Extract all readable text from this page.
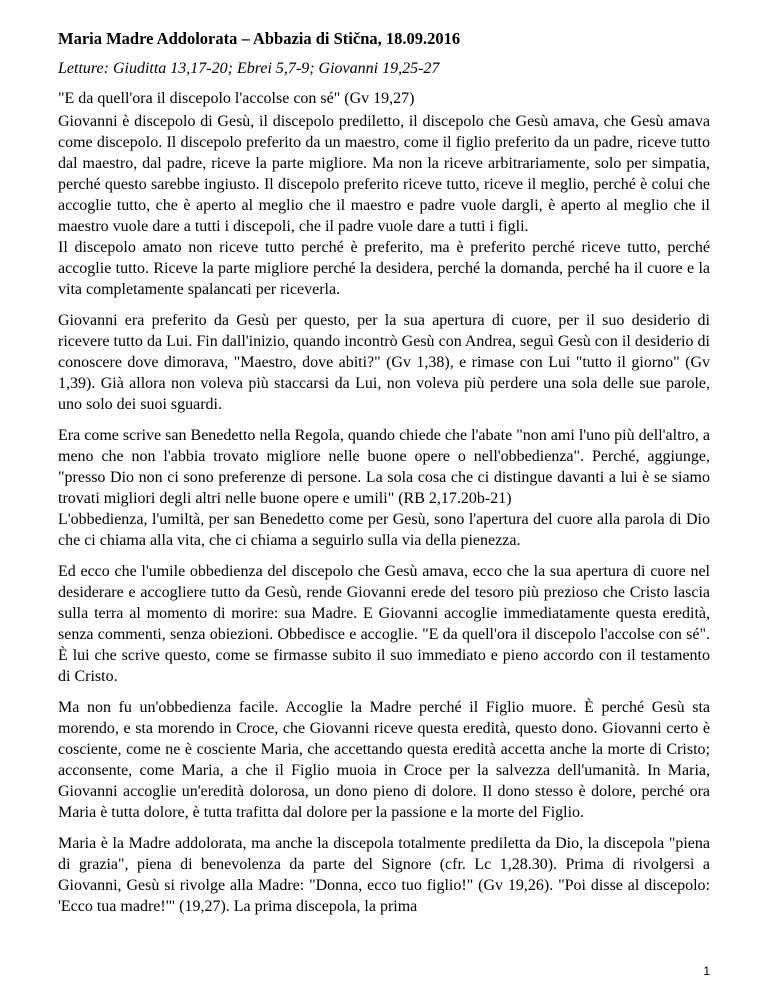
Maria Madre Addolorata – Abbazia di Stična, 18.09.2016
Letture: Giuditta 13,17-20; Ebrei 5,7-9; Giovanni 19,25-27
"E da quell'ora il discepolo l'accolse con sé" (Gv 19,27)
Giovanni è discepolo di Gesù, il discepolo prediletto, il discepolo che Gesù amava, che Gesù amava come discepolo. Il discepolo preferito da un maestro, come il figlio preferito da un padre, riceve tutto dal maestro, dal padre, riceve la parte migliore. Ma non la riceve arbitrariamente, solo per simpatia, perché questo sarebbe ingiusto. Il discepolo preferito riceve tutto, riceve il meglio, perché è colui che accoglie tutto, che è aperto al meglio che il maestro e padre vuole dargli, è aperto al meglio che il maestro vuole dare a tutti i discepoli, che il padre vuole dare a tutti i figli.
Il discepolo amato non riceve tutto perché è preferito, ma è preferito perché riceve tutto, perché accoglie tutto. Riceve la parte migliore perché la desidera, perché la domanda, perché ha il cuore e la vita completamente spalancati per riceverla.
Giovanni era preferito da Gesù per questo, per la sua apertura di cuore, per il suo desiderio di ricevere tutto da Lui. Fin dall'inizio, quando incontrò Gesù con Andrea, seguì Gesù con il desiderio di conoscere dove dimorava, "Maestro, dove abiti?" (Gv 1,38), e rimase con Lui "tutto il giorno" (Gv 1,39). Già allora non voleva più staccarsi da Lui, non voleva più perdere una sola delle sue parole, uno solo dei suoi sguardi.
Era come scrive san Benedetto nella Regola, quando chiede che l'abate "non ami l'uno più dell'altro, a meno che non l'abbia trovato migliore nelle buone opere o nell'obbedienza". Perché, aggiunge, "presso Dio non ci sono preferenze di persone. La sola cosa che ci distingue davanti a lui è se siamo trovati migliori degli altri nelle buone opere e umili" (RB 2,17.20b-21)
L'obbedienza, l'umiltà, per san Benedetto come per Gesù, sono l'apertura del cuore alla parola di Dio che ci chiama alla vita, che ci chiama a seguirlo sulla via della pienezza.
Ed ecco che l'umile obbedienza del discepolo che Gesù amava, ecco che la sua apertura di cuore nel desiderare e accogliere tutto da Gesù, rende Giovanni erede del tesoro più prezioso che Cristo lascia sulla terra al momento di morire: sua Madre. E Giovanni accoglie immediatamente questa eredità, senza commenti, senza obiezioni. Obbedisce e accoglie. "E da quell'ora il discepolo l'accolse con sé". È lui che scrive questo, come se firmasse subito il suo immediato e pieno accordo con il testamento di Cristo.
Ma non fu un'obbedienza facile. Accoglie la Madre perché il Figlio muore. È perché Gesù sta morendo, e sta morendo in Croce, che Giovanni riceve questa eredità, questo dono. Giovanni certo è cosciente, come ne è cosciente Maria, che accettando questa eredità accetta anche la morte di Cristo; acconsente, come Maria, a che il Figlio muoia in Croce per la salvezza dell'umanità. In Maria, Giovanni accoglie un'eredità dolorosa, un dono pieno di dolore. Il dono stesso è dolore, perché ora Maria è tutta dolore, è tutta trafitta dal dolore per la passione e la morte del Figlio.
Maria è la Madre addolorata, ma anche la discepola totalmente prediletta da Dio, la discepola "piena di grazia", piena di benevolenza da parte del Signore (cfr. Lc 1,28.30). Prima di rivolgersi a Giovanni, Gesù si rivolge alla Madre: "Donna, ecco tuo figlio!" (Gv 19,26). "Poi disse al discepolo: 'Ecco tua madre!'" (19,27). La prima discepola, la prima
1
